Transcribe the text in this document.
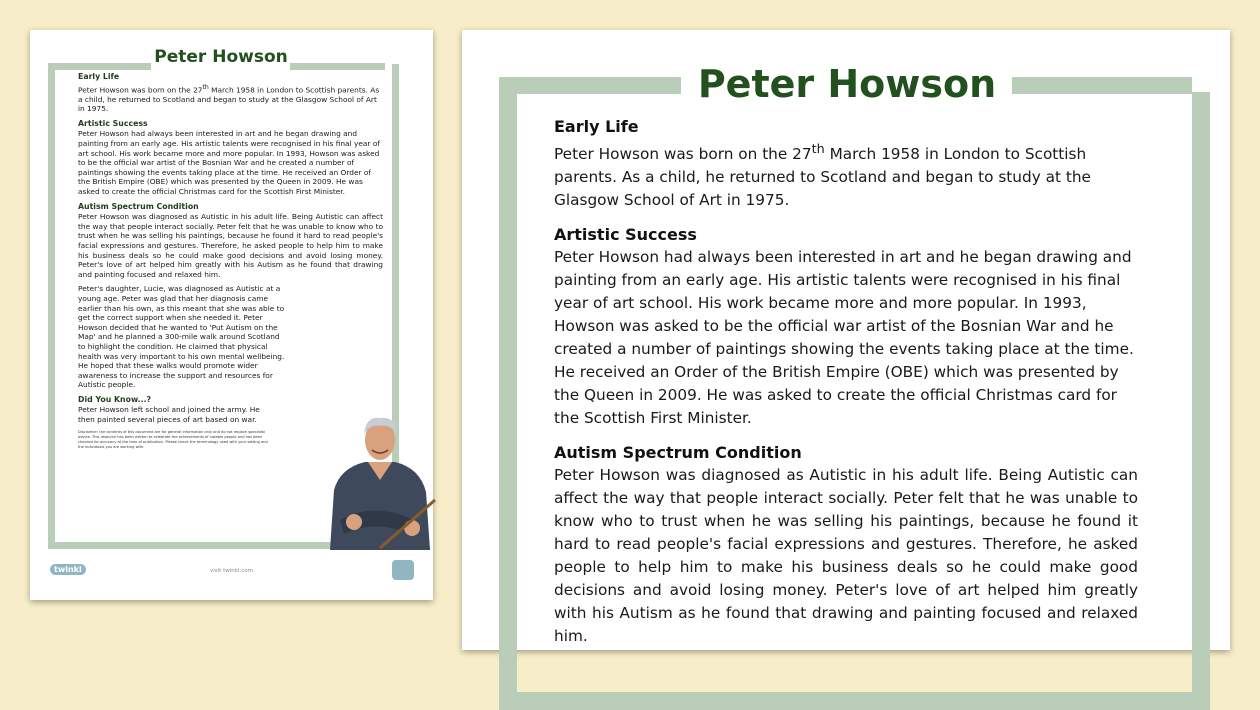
Peter Howson
Early Life

Peter Howson was born on the 27th March 1958 in London to Scottish parents. As a child, he returned to Scotland and began to study at the Glasgow School of Art in 1975.

Artistic Success

Peter Howson had always been interested in art and he began drawing and painting from an early age. His artistic talents were recognised in his final year of art school. His work became more and more popular. In 1993, Howson was asked to be the official war artist of the Bosnian War and he created a number of paintings showing the events taking place at the time. He received an Order of the British Empire (OBE) which was presented by the Queen in 2009. He was asked to create the official Christmas card for the Scottish First Minister.

Autism Spectrum Condition

Peter Howson was diagnosed as Autistic in his adult life. Being Autistic can affect the way that people interact socially. Peter felt that he was unable to know who to trust when he was selling his paintings, because he found it hard to read people's facial expressions and gestures. Therefore, he asked people to help him to make his business deals so he could make good decisions and avoid losing money. Peter's love of art helped him greatly with his Autism as he found that drawing and painting focused and relaxed him.

Peter's daughter, Lucie, was diagnosed as Autistic at a young age. Peter was glad that her diagnosis came earlier than his own, as this meant that she was able to get the correct support when she needed it. Peter Howson decided that he wanted to 'Put Autism on the Map' and he planned a 300-mile walk around Scotland to highlight the condition. He claimed that physical health was very important to his own mental wellbeing. He hoped that these walks would promote wider awareness to increase the support and resources for Autistic people.

Did You Know...?

Peter Howson left school and joined the army. He then painted several pieces of art based on war.

Disclaimer: the contents of this document are for general information only and do not replace specialist advice. This resource has been written to celebrate the achievements of notable people and has been checked for accuracy at the time of publication. Please check the terminology used with your setting and the individuals you are working with.

twinkl	visit twinkl.com
Peter Howson
Early Life

Peter Howson was born on the 27th March 1958 in London to Scottish parents. As a child, he returned to Scotland and began to study at the Glasgow School of Art in 1975.

Artistic Success

Peter Howson had always been interested in art and he began drawing and painting from an early age. His artistic talents were recognised in his final year of art school. His work became more and more popular. In 1993, Howson was asked to be the official war artist of the Bosnian War and he created a number of paintings showing the events taking place at the time. He received an Order of the British Empire (OBE) which was presented by the Queen in 2009. He was asked to create the official Christmas card for the Scottish First Minister.

Autism Spectrum Condition

Peter Howson was diagnosed as Autistic in his adult life. Being Autistic can affect the way that people interact socially. Peter felt that he was unable to know who to trust when he was selling his paintings, because he found it hard to read people's facial expressions and gestures. Therefore, he asked people to help him to make his business deals so he could make good decisions and avoid losing money. Peter's love of art helped him greatly with his Autism as he found that drawing and painting focused and relaxed him.
